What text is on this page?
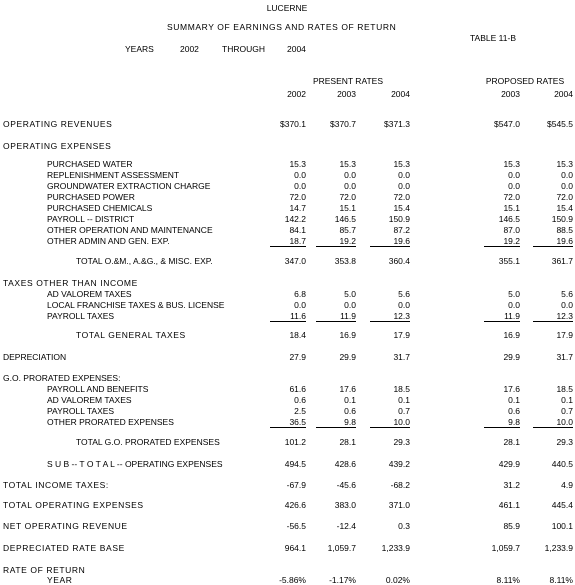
LUCERNE
SUMMARY OF EARNINGS AND RATES OF RETURN
TABLE 11-B
YEARS	2002	THROUGH	2004
PRESENT RATES	PROPOSED RATES
2002	2003	2004	2003	2004
OPERATING REVENUES	$370.1	$370.7	$371.3	$547.0	$545.5
OPERATING EXPENSES
PURCHASED WATER	15.3	15.3	15.3	15.3	15.3
REPLENISHMENT ASSESSMENT	0.0	0.0	0.0	0.0	0.0
GROUNDWATER EXTRACTION CHARGE	0.0	0.0	0.0	0.0	0.0
PURCHASED POWER	72.0	72.0	72.0	72.0	72.0
PURCHASED CHEMICALS	14.7	15.1	15.4	15.1	15.4
PAYROLL -- DISTRICT	142.2	146.5	150.9	146.5	150.9
OTHER OPERATION AND MAINTENANCE	84.1	85.7	87.2	87.0	88.5
OTHER ADMIN AND GEN. EXP.	18.7	19.2	19.6	19.2	19.6
TOTAL O.&M., A.&G., & MISC. EXP.	347.0	353.8	360.4	355.1	361.7
TAXES OTHER THAN INCOME
AD VALOREM TAXES	6.8	5.0	5.6	5.0	5.6
LOCAL FRANCHISE TAXES & BUS. LICENSE	0.0	0.0	0.0	0.0	0.0
PAYROLL TAXES	11.6	11.9	12.3	11.9	12.3
TOTAL GENERAL TAXES	18.4	16.9	17.9	16.9	17.9
DEPRECIATION	27.9	29.9	31.7	29.9	31.7
G.O. PRORATED EXPENSES:
PAYROLL AND BENEFITS	61.6	17.6	18.5	17.6	18.5
AD VALOREM TAXES	0.6	0.1	0.1	0.1	0.1
PAYROLL TAXES	2.5	0.6	0.7	0.6	0.7
OTHER PRORATED EXPENSES	36.5	9.8	10.0	9.8	10.0
TOTAL G.O. PRORATED EXPENSES	101.2	28.1	29.3	28.1	29.3
S U B -- T O T A L -- OPERATING EXPENSES	494.5	428.6	439.2	429.9	440.5
TOTAL INCOME TAXES:	-67.9	-45.6	-68.2	31.2	4.9
TOTAL OPERATING EXPENSES	426.6	383.0	371.0	461.1	445.4
NET OPERATING REVENUE	-56.5	-12.4	0.3	85.9	100.1
DEPRECIATED RATE BASE	964.1	1,059.7	1,233.9	1,059.7	1,233.9
RATE OF RETURN
YEAR	-5.86%	-1.17%	0.02%	8.11%	8.11%
